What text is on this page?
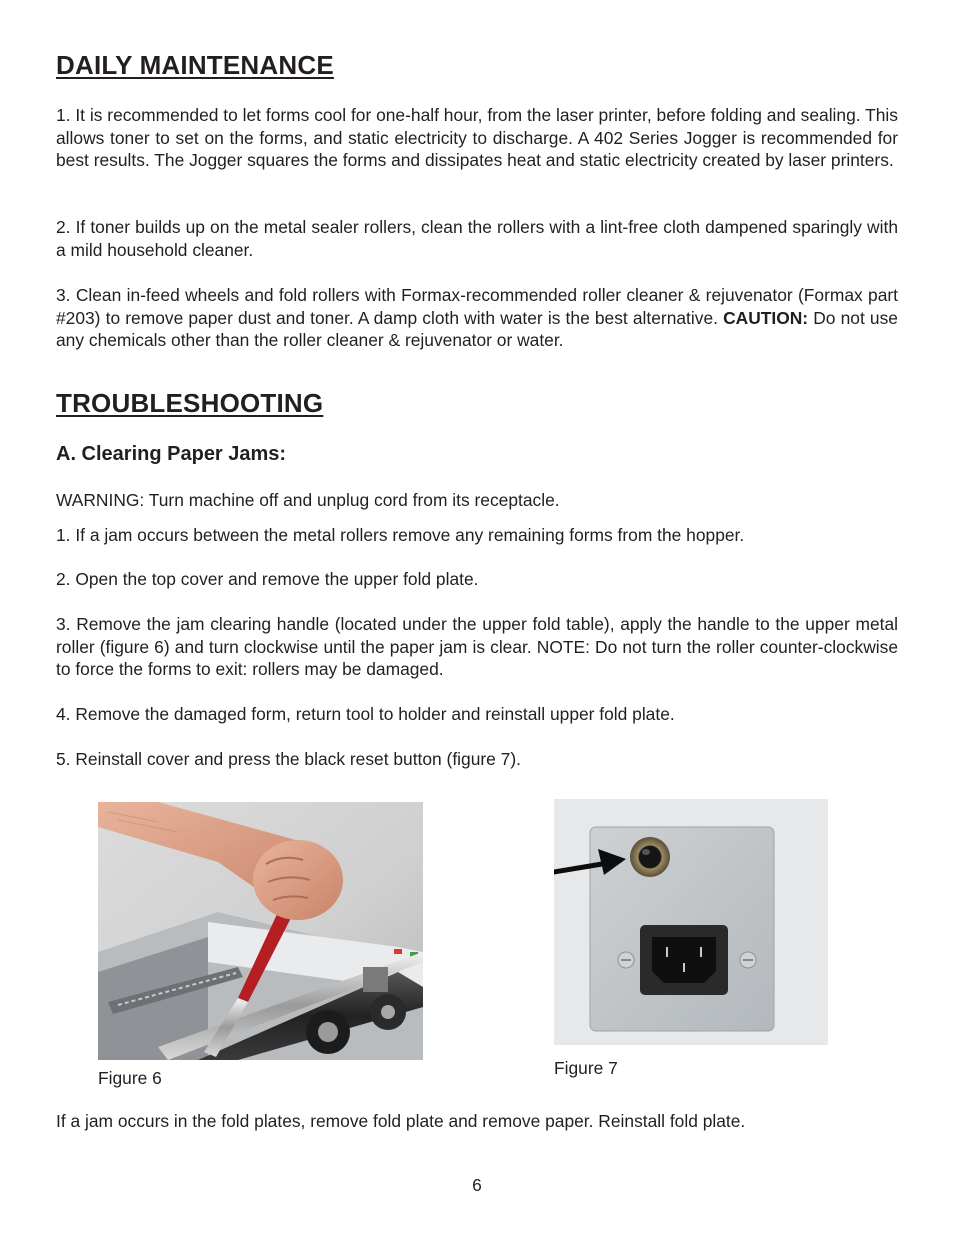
DAILY MAINTENANCE
1. It is recommended to let forms cool for one-half hour, from the laser printer, before folding and sealing. This allows toner to set on the forms, and static electricity to discharge. A 402 Series Jogger is recommended for best results. The Jogger squares the forms and dissipates heat and static electricity created by laser printers.
2. If toner builds up on the metal sealer rollers, clean the rollers with a lint-free cloth dampened sparingly with a mild household cleaner.
3. Clean in-feed wheels and fold rollers with Formax-recommended roller cleaner & rejuvenator (Formax part #203) to remove paper dust and toner. A damp cloth with water is the best alternative. CAUTION: Do not use any chemicals other than the roller cleaner & rejuvenator or water.
TROUBLESHOOTING
A. Clearing Paper Jams:
WARNING: Turn machine off and unplug cord from its receptacle.
1. If a jam occurs between the metal rollers remove any remaining forms from the hopper.
2. Open the top cover and remove the upper fold plate.
3. Remove the jam clearing handle (located under the upper fold table), apply the handle to the upper metal roller (figure 6) and turn clockwise until the paper jam is clear. NOTE: Do not turn the roller counter-clockwise to force the forms to exit: rollers may be damaged.
4. Remove the damaged form, return tool to holder and reinstall upper fold plate.
5. Reinstall cover and press the black reset button (figure 7).
Figure 6	Figure 7
If a jam occurs in the fold plates, remove fold plate and remove paper. Reinstall fold plate.
6
